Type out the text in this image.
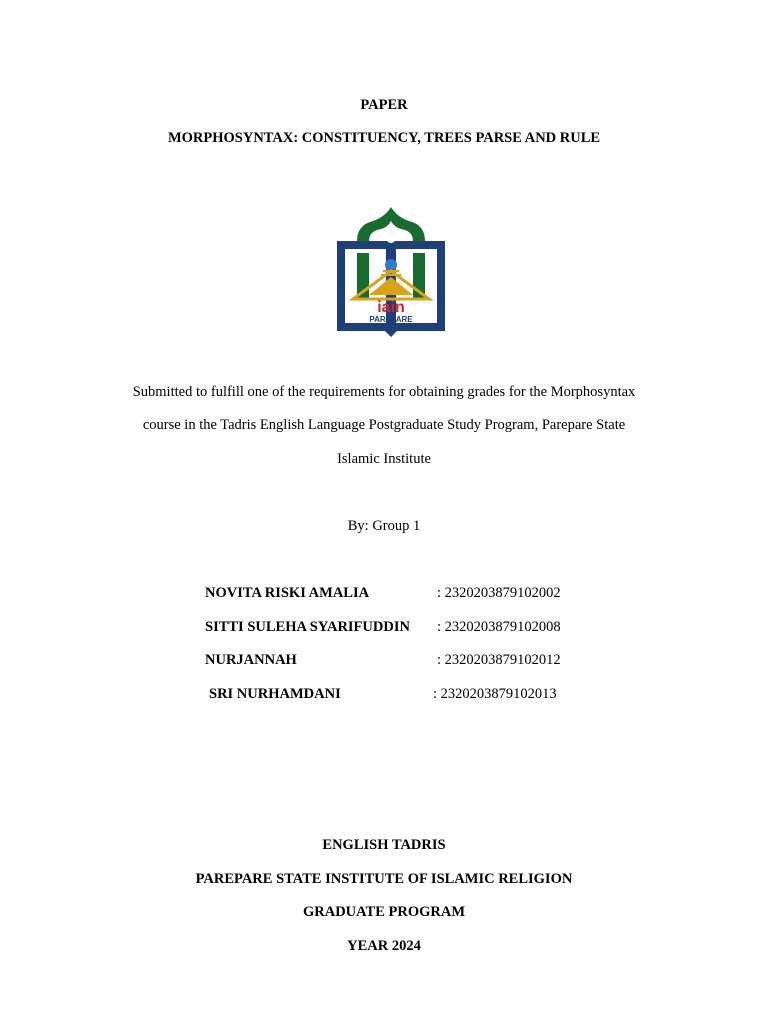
PAPER
MORPHOSYNTAX: CONSTITUENCY, TREES PARSE AND RULE
iain
PAREPARE
Submitted to fulfill one of the requirements for obtaining grades for the Morphosyntax
course in the Tadris English Language Postgraduate Study Program, Parepare State
Islamic Institute
By: Group 1
NOVITA RISKI AMALIA	: 2320203879102002
SITTI SULEHA SYARIFUDDIN : 2320203879102008
NURJANNAH	: 2320203879102012
SRI NURHAMDANI	: 2320203879102013
ENGLISH TADRIS
PAREPARE STATE INSTITUTE OF ISLAMIC RELIGION
GRADUATE PROGRAM
YEAR 2024
